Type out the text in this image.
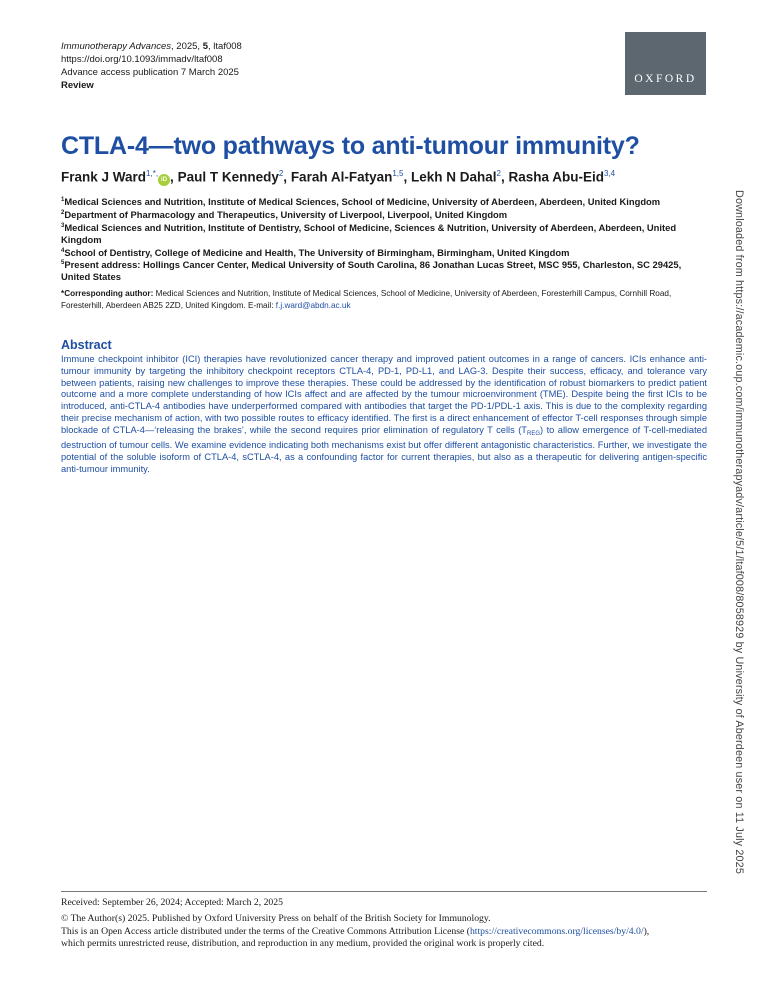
Immunotherapy Advances, 2025, 5, ltaf008
https://doi.org/10.1093/immadv/ltaf008
Advance access publication 7 March 2025
Review
OXFORD
CTLA-4—two pathways to anti-tumour immunity?
Frank J Ward$^{1,*,}$iD , Paul T Kennedy$^2$, Farah Al-Fatyan$^{1,5}$, Lekh N Dahal$^2$, Rasha Abu-Eid$^{3,4}$
$^1$Medical Sciences and Nutrition, Institute of Medical Sciences, School of Medicine, University of Aberdeen, Aberdeen, United Kingdom
$^2$Department of Pharmacology and Therapeutics, University of Liverpool, Liverpool, United Kingdom
$^3$Medical Sciences and Nutrition, Institute of Dentistry, School of Medicine, Sciences & Nutrition, University of Aberdeen, Aberdeen, United Kingdom
$^4$School of Dentistry, College of Medicine and Health, The University of Birmingham, Birmingham, United Kingdom
$^5$Present address: Hollings Cancer Center, Medical University of South Carolina, 86 Jonathan Lucas Street, MSC 955, Charleston, SC 29425, United States
*Corresponding author: Medical Sciences and Nutrition, Institute of Medical Sciences, School of Medicine, University of Aberdeen, Foresterhill Campus, Cornhill Road, Foresterhill, Aberdeen AB25 2ZD, United Kingdom. E-mail: f.j.ward@abdn.ac.uk
Abstract

Immune checkpoint inhibitor (ICI) therapies have revolutionized cancer therapy and improved patient outcomes in a range of cancers. ICIs enhance anti-tumour immunity by targeting the inhibitory checkpoint receptors CTLA-4, PD-1, PD-L1, and LAG-3. Despite their success, efficacy, and tolerance vary between patients, raising new challenges to improve these therapies. These could be addressed by the identification of robust biomarkers to predict patient outcome and a more complete understanding of how ICIs affect and are affected by the tumour microenvironment (TME). Despite being the first ICIs to be introduced, anti-CTLA-4 antibodies have underperformed compared with antibodies that target the PD-1/PDL-1 axis. This is due to the complexity regarding their precise mechanism of action, with two possible routes to efficacy identified. The first is a direct enhancement of effector T-cell responses through simple blockade of CTLA-4—‘releasing the brakes’, while the second requires prior elimination of regulatory T cells $(T_{REG})$ to allow emergence of T-cell-mediated destruction of tumour cells. We examine evidence indicating both mechanisms exist but offer different antagonistic characteristics. Further, we investigate the potential of the soluble isoform of CTLA-4, sCTLA-4, as a confounding factor for current therapies, but also as a therapeutic for delivering antigen-specific anti-tumour immunity.	Downloaded from https://academic.oup.com/immunotherapyadv/article/5/1/ltaf008/8058929 by University of Aberdeen user on 11 July 2025
Received: September 26, 2024; Accepted: March 2, 2025
© The Author(s) 2025. Published by Oxford University Press on behalf of the British Society for Immunology.
This is an Open Access article distributed under the terms of the Creative Commons Attribution License (https://creativecommons.org/licenses/by/4.0/),
which permits unrestricted reuse, distribution, and reproduction in any medium, provided the original work is properly cited.
